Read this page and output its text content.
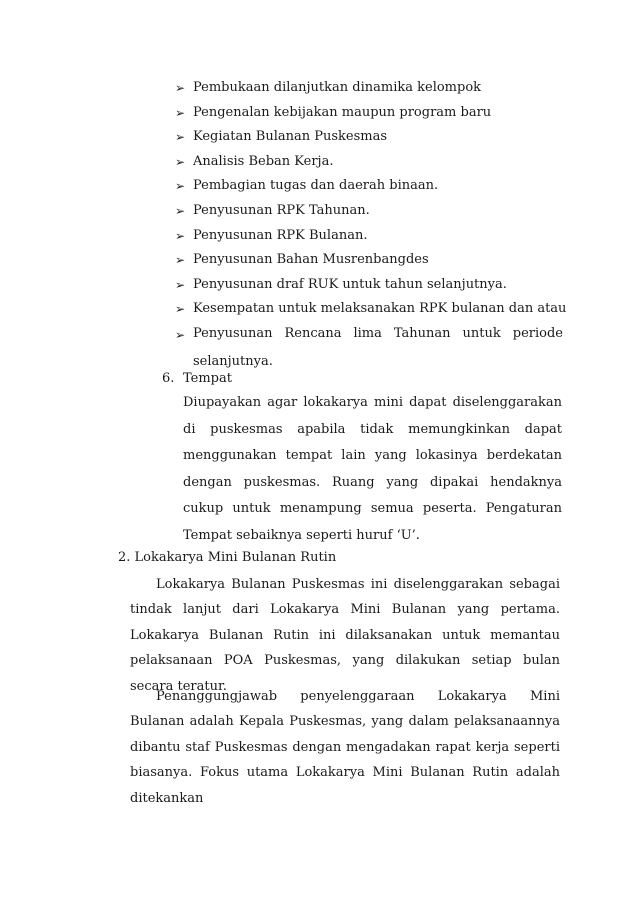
➢ Pembukaan dilanjutkan dinamika kelompok
➢ Pengenalan kebijakan maupun program baru
➢ Kegiatan Bulanan Puskesmas
➢ Analisis Beban Kerja.
➢ Pembagian tugas dan daerah binaan.
➢ Penyusunan RPK Tahunan.
➢ Penyusunan RPK Bulanan.
➢ Penyusunan Bahan Musrenbangdes
➢ Penyusunan draf RUK untuk tahun selanjutnya.
➢ Kesempatan untuk melaksanakan RPK bulanan dan atau
➢ Penyusunan Rencana lima Tahunan untuk periode selanjutnya.
6. Tempat
Diupayakan agar lokakarya mini dapat diselenggarakan di puskesmas apabila tidak memungkinkan dapat menggunakan tempat lain yang lokasinya berdekatan dengan puskesmas. Ruang yang dipakai hendaknya cukup untuk menampung semua peserta. Pengaturan Tempat sebaiknya seperti huruf ‘U’.
2. Lokakarya Mini Bulanan Rutin

Lokakarya Bulanan Puskesmas ini diselenggarakan sebagai tindak lanjut dari Lokakarya Mini Bulanan yang pertama. Lokakarya Bulanan Rutin ini dilaksanakan untuk memantau pelaksanaan POA Puskesmas, yang dilakukan setiap bulan secara teratur.

Penanggungjawab penyelenggaraan Lokakarya Mini Bulanan adalah Kepala Puskesmas, yang dalam pelaksanaannya dibantu staf Puskesmas dengan mengadakan rapat kerja seperti biasanya. Fokus utama Lokakarya Mini Bulanan Rutin adalah ditekankan
